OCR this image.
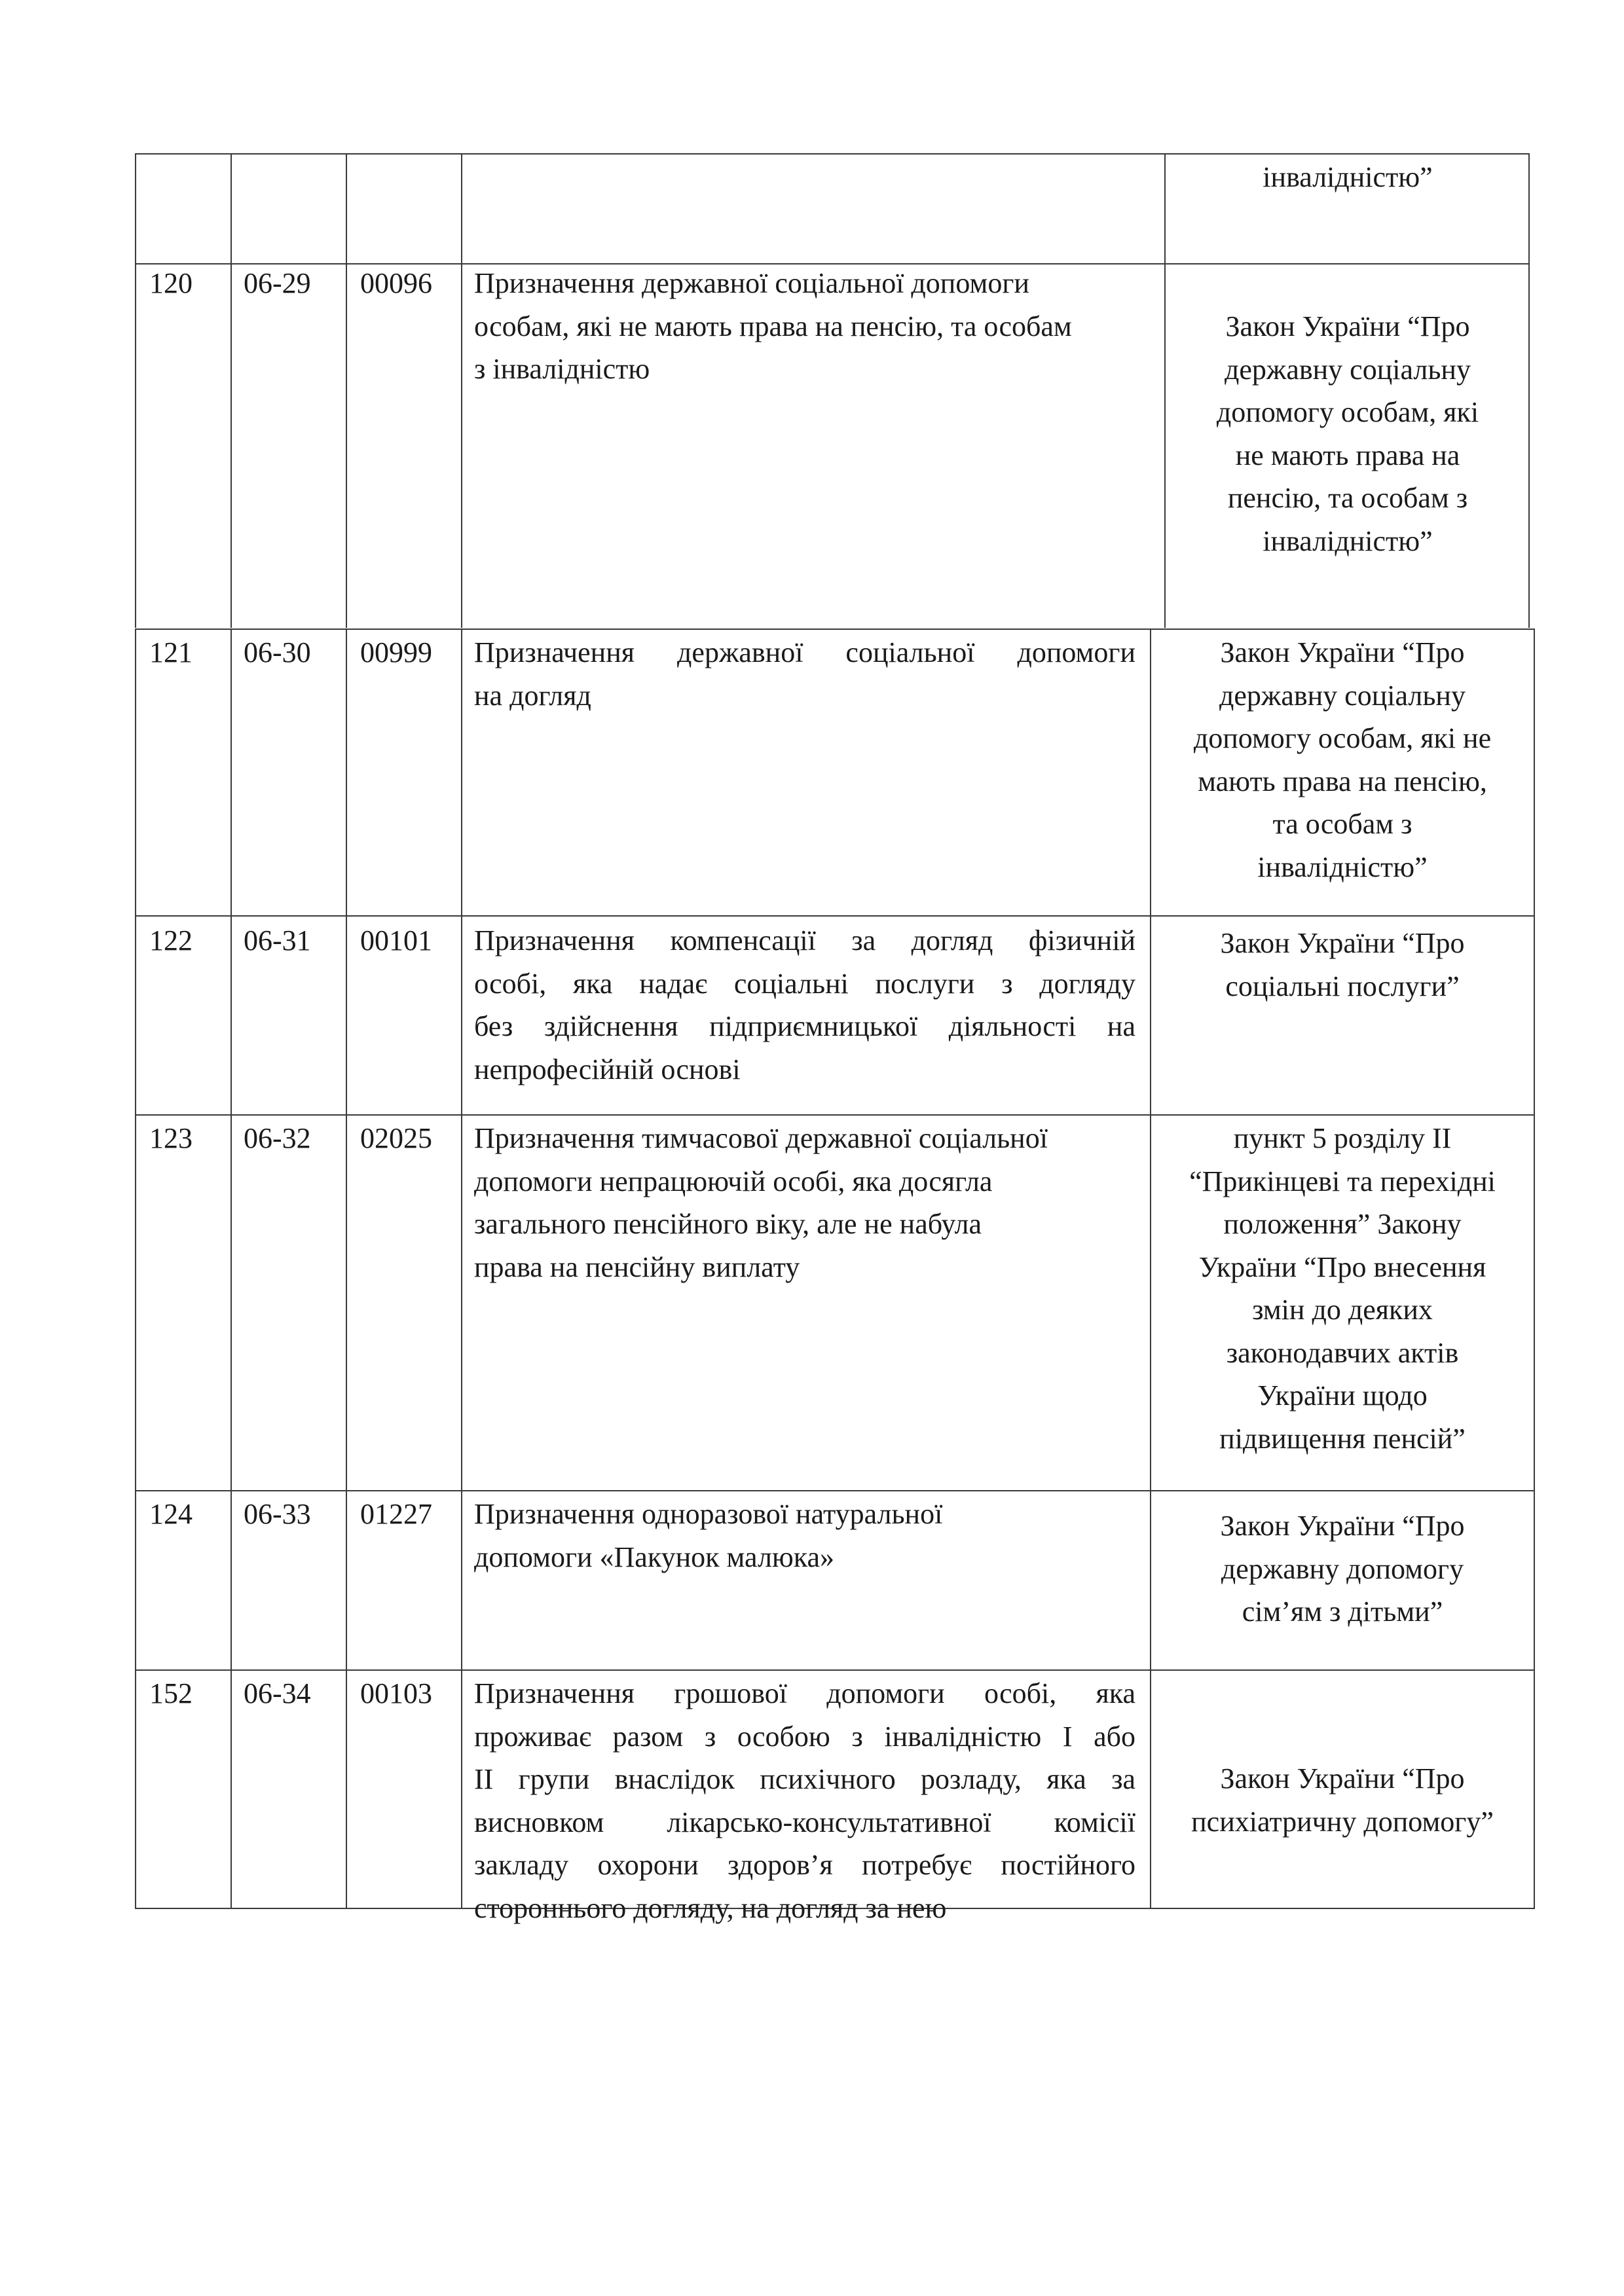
інвалідністю”
120 06-29 00096 Призначення державної соціальної допомоги
особам, які не мають права на пенсію, та особам
з інвалідністю
Закон України “Про
державну соціальну
допомогу особам, які
не мають права на
пенсію, та особам з
інвалідністю”
121 06-30 00999 Призначення державної соціальної допомоги
на догляд
Закон України “Про
державну соціальну
допомогу особам, які не
мають права на пенсію,
та особам з
інвалідністю”
122 06-31 00101 Призначення компенсації за догляд фізичній
особі, яка надає соціальні послуги з догляду
без здійснення підприємницької діяльності на
непрофесійній основі
Закон України “Про
соціальні послуги”
123 06-32 02025 Призначення тимчасової державної соціальної
допомоги непрацюючій особі, яка досягла
загального пенсійного віку, але не набула
права на пенсійну виплату
пункт 5 розділу ІІ
“Прикінцеві та перехідні
положення” Закону
України “Про внесення
змін до деяких
законодавчих актів
України щодо
підвищення пенсій”
124 06-33 01227 Призначення одноразової натуральної
допомоги «Пакунок малюка»
Закон України “Про
державну допомогу
сім’ям з дітьми”
152 06-34 00103 Призначення грошової допомоги особі, яка
проживає разом з особою з інвалідністю І або
ІІ групи внаслідок психічного розладу, яка за
висновком лікарсько-консультативної комісії
закладу охорони здоров’я потребує постійного
стороннього догляду, на догляд за нею
Закон України “Про
психіатричну допомогу”
